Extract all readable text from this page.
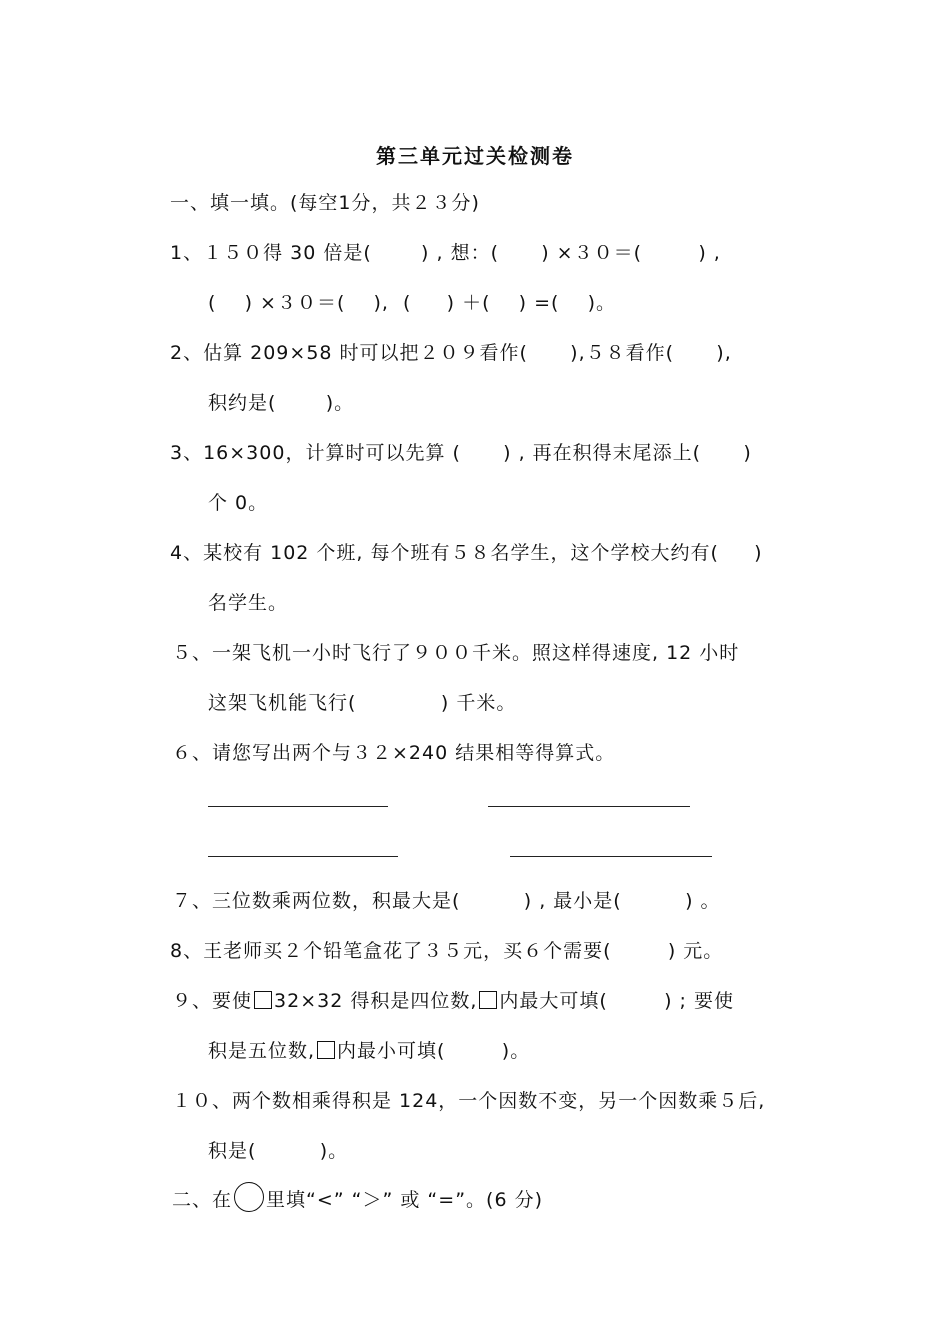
第三单元过关检测卷
一、填一填。(每空1分，共２３分)
1、１５０得 30 倍是(       ) , 想：(      ) ×３０＝(        ) ,
(    ) ×３０＝(    ),  (     ) ＋(    ) =(    )。
2、估算 209×58 时可以把２０９看作(      ),５８看作(      ),
积约是(       )。
3、16×300，计算时可以先算 (      ) , 再在积得末尾添上(      )
个 0。
4、某校有 102 个班, 每个班有５８名学生，这个学校大约有(     )
名学生。
５、一架飞机一小时飞行了９００千米。照这样得速度, 12 小时
这架飞机能飞行(            ) 千米。
６、请您写出两个与３２×240 结果相等得算式。
７、三位数乘两位数，积最大是(         ) , 最小是(         ) 。
8、王老师买２个铅笔盒花了３５元，买６个需要(        ) 元。
９、要使 32×32 得积是四位数, 内最大可填(        ) ; 要使
积是五位数, 内最小可填(        )。
１０、两个数相乘得积是 124，一个因数不变，另一个因数乘５后,
积是(         )。
二、在 里填“<” “＞” 或 “=”。(6 分)
